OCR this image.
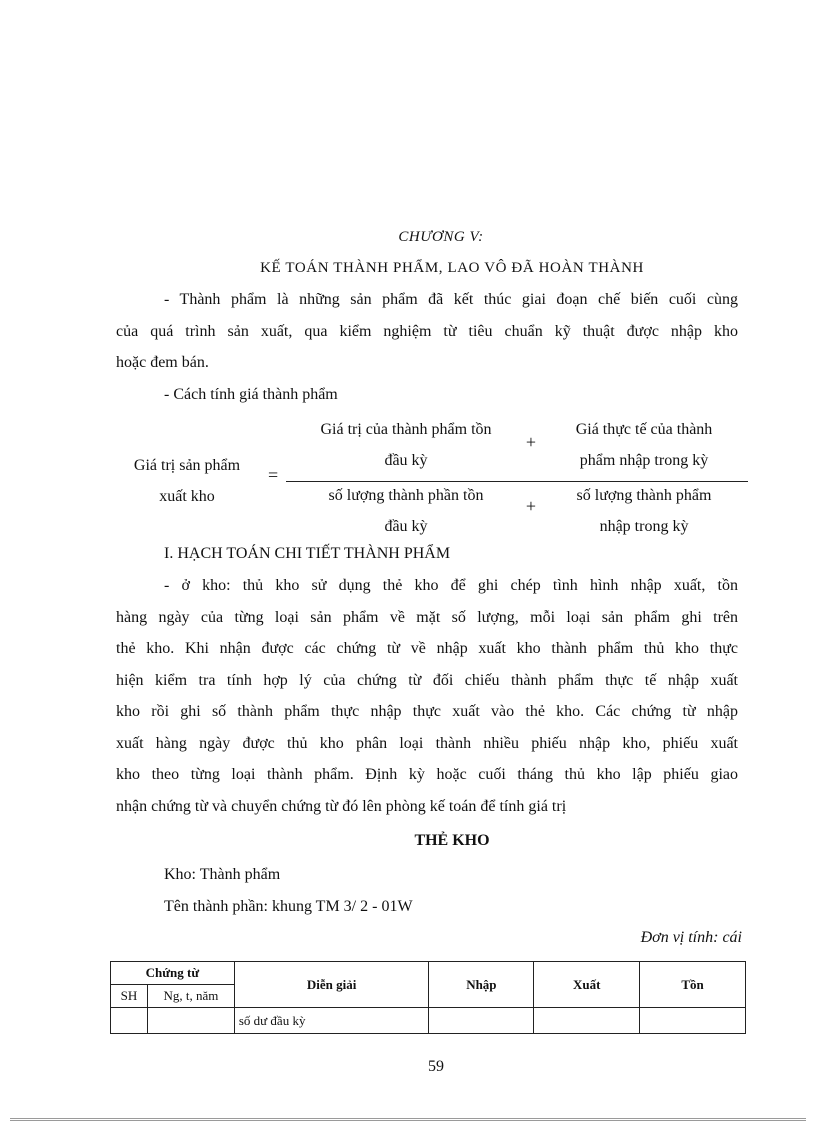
CHƯƠNG V:
KẾ TOÁN THÀNH PHẨM, LAO VÔ ĐÃ HOÀN THÀNH
- Thành phẩm là những sản phẩm đã kết thúc giai đoạn chế biến cuối cùng
của quá trình sản xuất, qua kiểm nghiệm từ tiêu chuẩn kỹ thuật được nhập kho
hoặc đem bán.
- Cách tính giá thành phẩm
Giá trị sản phẩm
xuất kho
=
Giá trị của thành phẩm tồn
đầu kỳ
+
Giá thực tế của thành
phẩm nhập trong kỳ
số lượng thành phần tồn
đầu kỳ
+
số lượng thành phẩm
nhập trong kỳ
I. HẠCH TOÁN CHI TIẾT THÀNH PHẨM
- ở kho: thủ kho sử dụng thẻ kho để ghi chép tình hình nhập xuất, tồn
hàng ngày của từng loại sản phẩm về mặt số lượng, mỗi loại sản phẩm ghi trên
thẻ kho. Khi nhận được các chứng từ về nhập xuất kho thành phẩm thủ kho thực
hiện kiểm tra tính hợp lý của chứng từ đối chiếu thành phẩm thực tế nhập xuất
kho rồi ghi số thành phẩm thực nhập thực xuất vào thẻ kho. Các chứng từ nhập
xuất hàng ngày được thủ kho phân loại thành nhiều phiếu nhập kho, phiếu xuất
kho theo từng loại thành phẩm. Định kỳ hoặc cuối tháng thủ kho lập phiếu giao
nhận chứng từ và chuyển chứng từ đó lên phòng kế toán để tính giá trị
THẺ KHO
Kho: Thành phẩm
Tên thành phần: khung TM 3/ 2 - 01W
Đơn vị tính: cái
Chứng từ		Diễn giải	Nhập	Xuất	Tồn
SH	Ng, t, năm				
		số dư đầu kỳ			
59
